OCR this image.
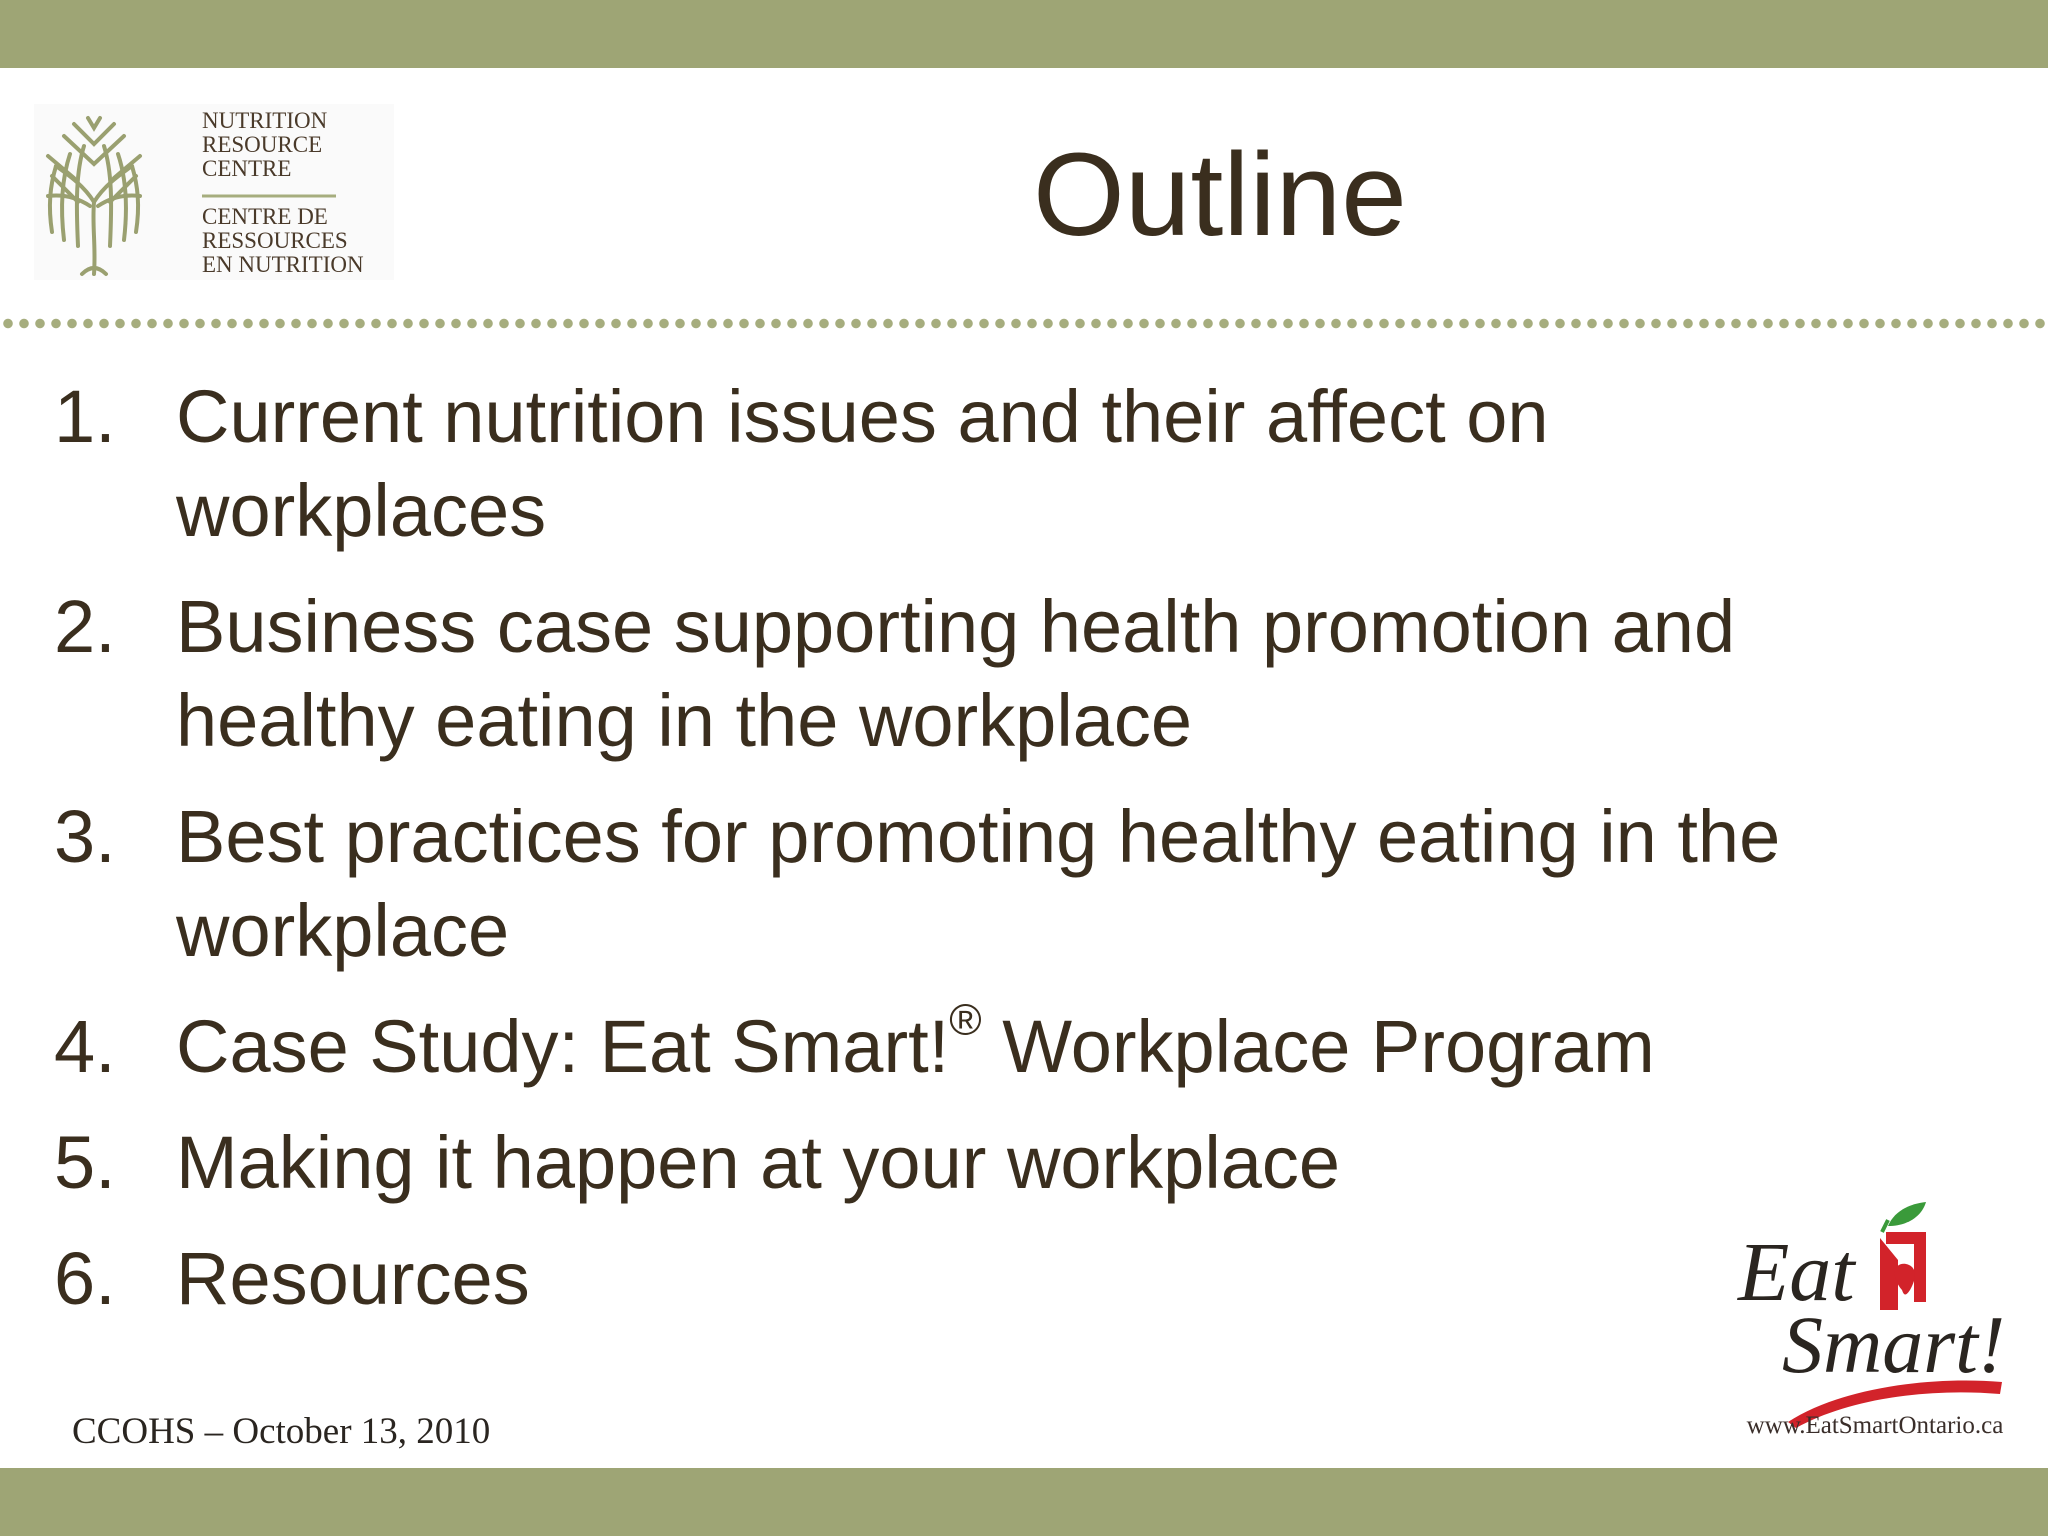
NUTRITION
RESOURCE
CENTRE
CENTRE DE
RESSOURCES
EN NUTRITION
Outline
1. Current nutrition issues and their affect on workplaces
2. Business case supporting health promotion and healthy eating in the workplace
3. Best practices for promoting healthy eating in the workplace
4. Case Study: Eat Smart!® Workplace Program
5. Making it happen at your workplace
6. Resources
CCOHS – October 13, 2010
Eat
Smart!
www.EatSmartOntario.ca
